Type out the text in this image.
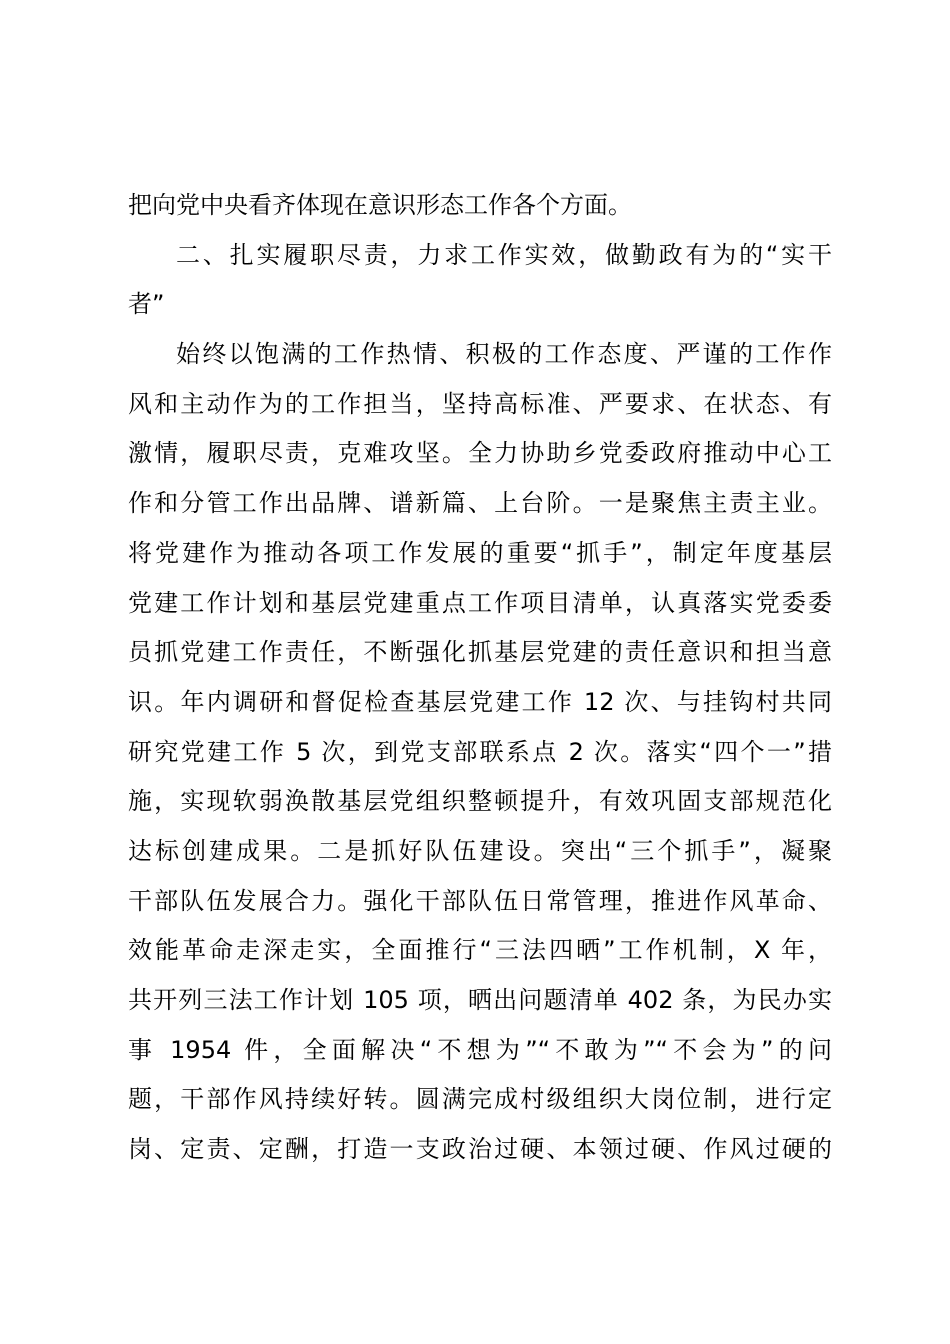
把向党中央看齐体现在意识形态工作各个方面。
二、扎实履职尽责，力求工作实效，做勤政有为的“实干
者”
始终以饱满的工作热情、积极的工作态度、严谨的工作作
风和主动作为的工作担当，坚持高标准、严要求、在状态、有
激情，履职尽责，克难攻坚。全力协助乡党委政府推动中心工
作和分管工作出品牌、谱新篇、上台阶。一是聚焦主责主业。
将党建作为推动各项工作发展的重要“抓手”，制定年度基层
党建工作计划和基层党建重点工作项目清单，认真落实党委委
员抓党建工作责任，不断强化抓基层党建的责任意识和担当意
识。年内调研和督促检查基层党建工作 12 次、与挂钩村共同
研究党建工作 5 次，到党支部联系点 2 次。落实“四个一”措
施，实现软弱涣散基层党组织整顿提升，有效巩固支部规范化
达标创建成果。二是抓好队伍建设。突出“三个抓手”，凝聚
干部队伍发展合力。强化干部队伍日常管理，推进作风革命、
效能革命走深走实，全面推行“三法四晒”工作机制，X 年，
共开列三法工作计划 105 项，晒出问题清单 402 条，为民办实
事 1954 件，全面解决“不想为”“不敢为”“不会为”的问
题，干部作风持续好转。圆满完成村级组织大岗位制，进行定
岗、定责、定酬，打造一支政治过硬、本领过硬、作风过硬的
